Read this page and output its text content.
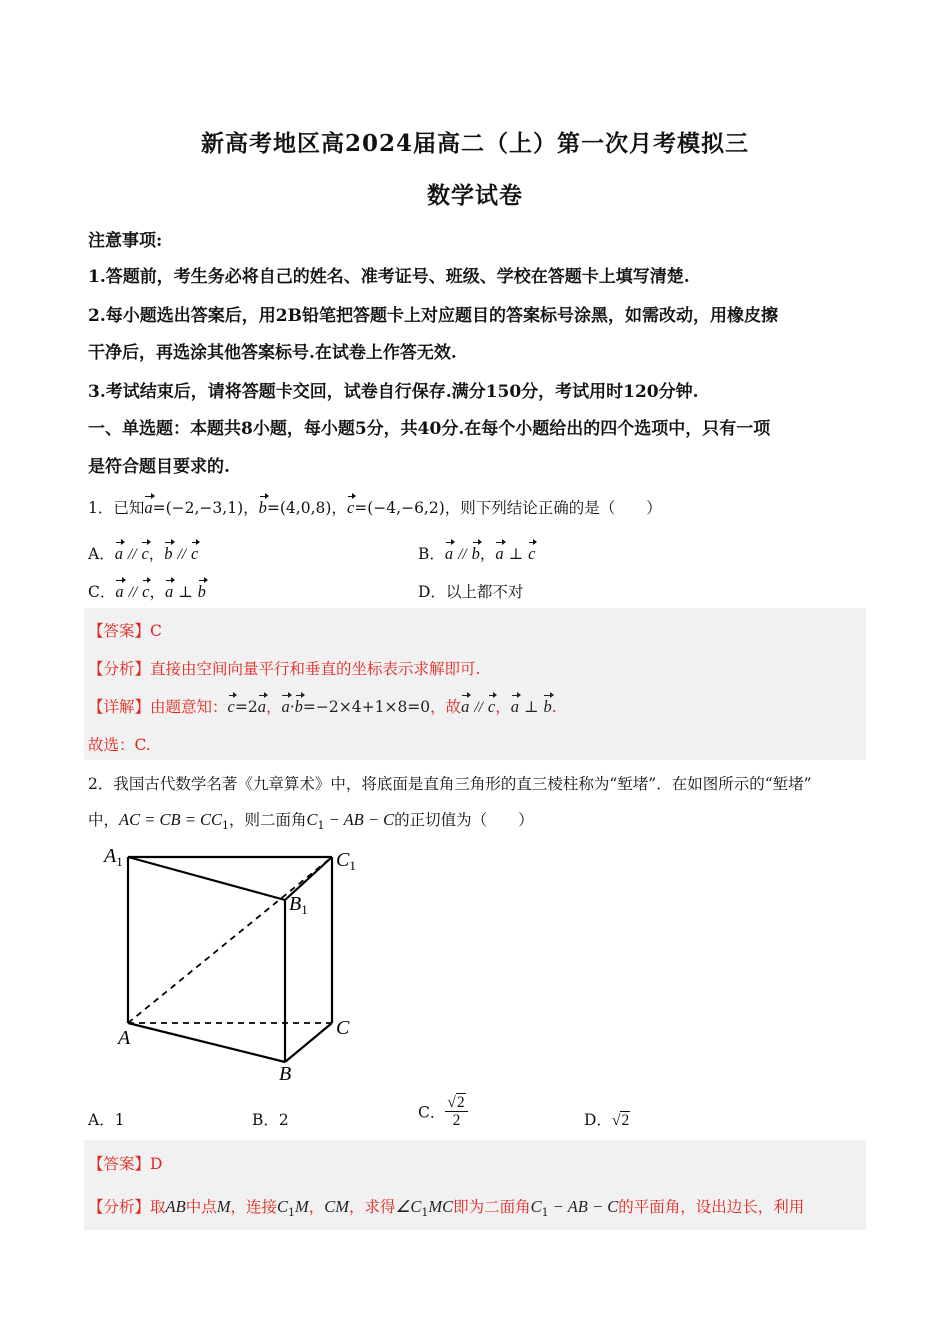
新高考地区高2024届高二（上）第一次月考模拟三
数学试卷
注意事项:
1.答题前，考生务必将自己的姓名、准考证号、班级、学校在答题卡上填写清楚.
2.每小题选出答案后，用2B铅笔把答题卡上对应题目的答案标号涂黑，如需改动，用橡皮擦
干净后，再选涂其他答案标号.在试卷上作答无效.
3.考试结束后，请将答题卡交回，试卷自行保存.满分150分，考试用时120分钟.
一、单选题：本题共8小题，每小题5分，共40分.在每个小题给出的四个选项中，只有一项
是符合题目要求的.
1．已知a=(−2,−3,1)，b=(4,0,8)，c=(−4,−6,2)，则下列结论正确的是（　　）
A．a // c，b // c	B．a // b，a ⊥ c
C．a // c，a ⊥ b	D．以上都不对
【答案】C
【分析】直接由空间向量平行和垂直的坐标表示求解即可.
【详解】由题意知：c=2a，a·b=−2×4+1×8=0，故a // c，a ⊥ b.
故选：C.
2．我国古代数学名著《九章算术》中，将底面是直角三角形的直三棱柱称为“堑堵”．在如图所示的“堑堵”
中，AC = CB = $CC_1$，则二面角$C_1$ − AB − C的正切值为（　　）
$A_1$	$C_1$
$B_1$
A	C
B
A．1	B．2	C． $\frac{√2}{2}$	D．√2
【答案】D
【分析】取AB中点M，连接$C_1M$，CM，求得$\angle C_1MC$即为二面角$C_1$ − AB − C的平面角，设出边长，利用
